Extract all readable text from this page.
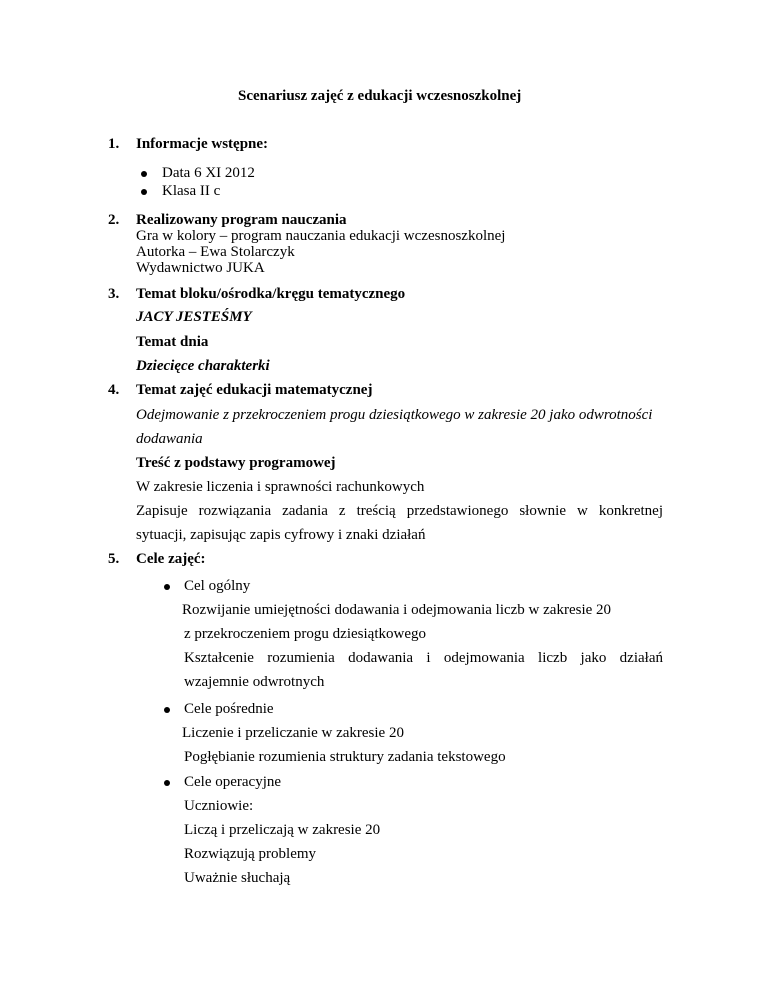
Scenariusz zajęć z edukacji wczesnoszkolnej
1. Informacje wstępne:
Data 6 XI 2012
Klasa II c
2. Realizowany program nauczania
Gra w kolory – program nauczania edukacji wczesnoszkolnej
Autorka – Ewa Stolarczyk
Wydawnictwo JUKA
3. Temat bloku/ośrodka/kręgu tematycznego
JACY JESTEŚMY
Temat dnia
Dziecięce charakterki
4. Temat zajęć edukacji matematycznej
Odejmowanie z przekroczeniem progu dziesiątkowego w zakresie 20 jako odwrotności
dodawania
Treść z podstawy programowej
W zakresie liczenia i sprawności rachunkowych
Zapisuje rozwiązania zadania z treścią przedstawionego słownie w konkretnej
sytuacji, zapisując zapis cyfrowy i znaki działań
5. Cele zajęć:
Cel ogólny
Rozwijanie umiejętności dodawania i odejmowania liczb w zakresie 20
z przekroczeniem progu dziesiątkowego
Kształcenie rozumienia dodawania i odejmowania liczb jako działań
wzajemnie odwrotnych
Cele pośrednie
Liczenie i przeliczanie w zakresie 20
Pogłębianie rozumienia struktury zadania tekstowego
Cele operacyjne
Uczniowie:
Liczą i przeliczają w zakresie 20
Rozwiązują problemy
Uważnie słuchają
